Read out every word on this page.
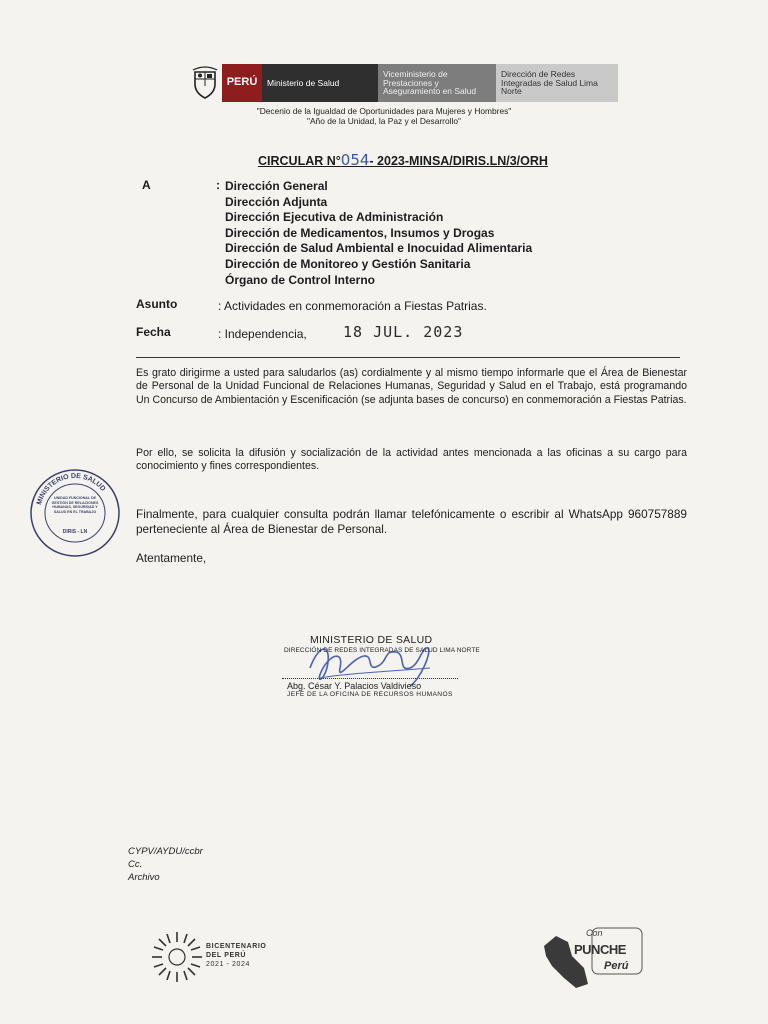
PERÚ	Ministerio de Salud
Viceministerio de Prestaciones y Aseguramiento en Salud
Dirección de Redes Integradas de Salud Lima Norte
"Decenio de la Igualdad de Oportunidades para Mujeres y Hombres"
"Año de la Unidad, la Paz y el Desarrollo"
CIRCULAR N°054- 2023-MINSA/DIRIS.LN/3/ORH
A	: Dirección General
Dirección Adjunta
Dirección Ejecutiva de Administración
Dirección de Medicamentos, Insumos y Drogas
Dirección de Salud Ambiental e Inocuidad Alimentaria
Dirección de Monitoreo y Gestión Sanitaria
Órgano de Control Interno
Asunto	: Actividades en conmemoración a Fiestas Patrias.
Fecha	: Independencia, 18 JUL. 2023
Es grato dirigirme a usted para saludarlos (as) cordialmente y al mismo tiempo informarle que el Área de Bienestar de Personal de la Unidad Funcional de Relaciones Humanas, Seguridad y Salud en el Trabajo, está programando Un Concurso de Ambientación y Escenificación (se adjunta bases de concurso) en conmemoración a Fiestas Patrias.
Por ello, se solicita la difusión y socialización de la actividad antes mencionada a las oficinas a su cargo para conocimiento y fines correspondientes.
Finalmente, para cualquier consulta podrán llamar telefónicamente o escribir al WhatsApp 960757889 perteneciente al Área de Bienestar de Personal.
Atentamente,
MINISTERIO DE SALUD
UNIDAD FUNCIONAL DE GESTIÓN DE RELACIONES HUMANAS, SEGURIDAD Y SALUD EN EL TRABAJO
DIRIS - LN
MINISTERIO DE SALUD
DIRECCIÓN DE REDES INTEGRADAS DE SALUD LIMA NORTE
Abg. César Y. Palacios Valdivieso
JEFE DE LA OFICINA DE RECURSOS HUMANOS
CYPV/AYDU/ccbr
Cc.
Archivo
BICENTENARIO
DEL PERÚ
2021 - 2024
Con
PUNCHE
Perú
